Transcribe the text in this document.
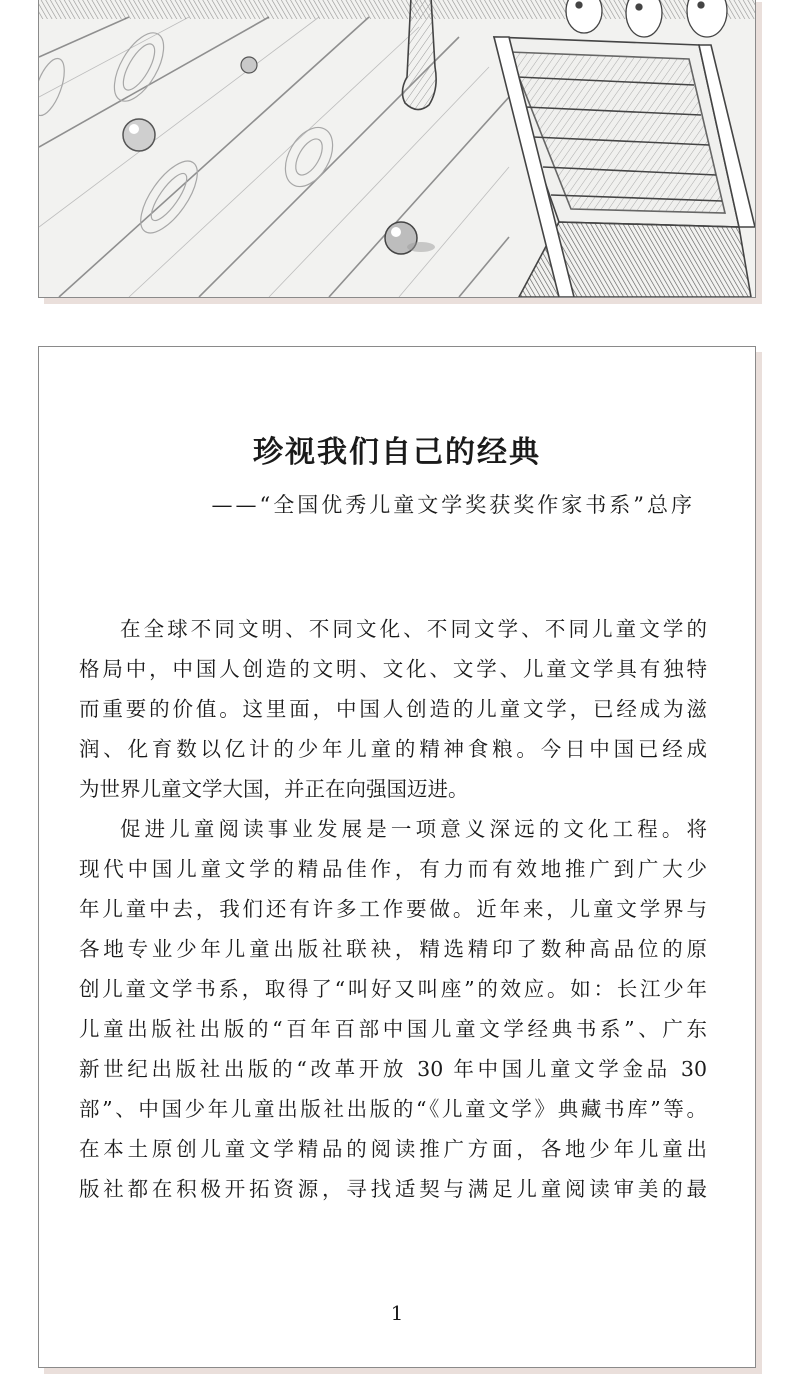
珍视我们自己的经典
——“全国优秀儿童文学奖获奖作家书系”总序
在全球不同文明、不同文化、不同文学、不同儿童文学的
格局中，中国人创造的文明、文化、文学、儿童文学具有独特
而重要的价值。这里面，中国人创造的儿童文学，已经成为滋
润、化育数以亿计的少年儿童的精神食粮。今日中国已经成
为世界儿童文学大国，并正在向强国迈进。
促进儿童阅读事业发展是一项意义深远的文化工程。将
现代中国儿童文学的精品佳作，有力而有效地推广到广大少
年儿童中去，我们还有许多工作要做。近年来，儿童文学界与
各地专业少年儿童出版社联袂，精选精印了数种高品位的原
创儿童文学书系，取得了“叫好又叫座”的效应。如：长江少年
儿童出版社出版的“百年百部中国儿童文学经典书系”、广东
新世纪出版社出版的“改革开放 30 年中国儿童文学金品 30
部”、中国少年儿童出版社出版的“《儿童文学》典藏书库”等。
在本土原创儿童文学精品的阅读推广方面，各地少年儿童出
版社都在积极开拓资源，寻找适契与满足儿童阅读审美的最
1
